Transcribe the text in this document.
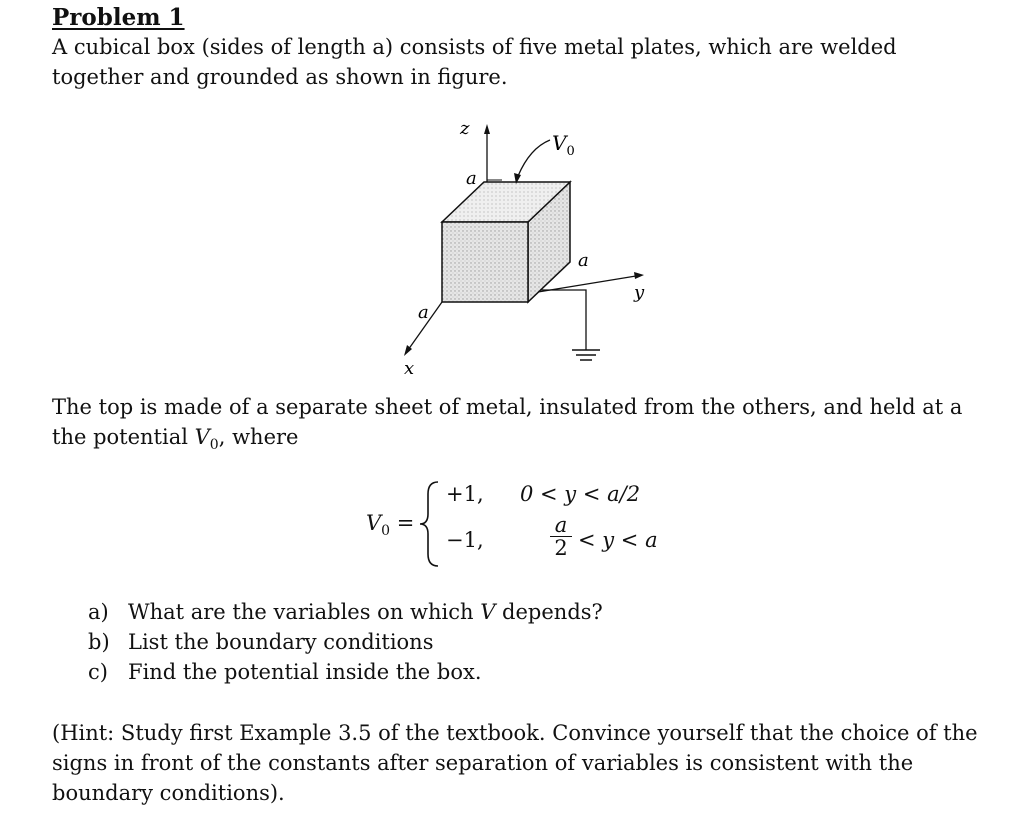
Problem 1

A cubical box (sides of length a) consists of five metal plates, which are welded together and grounded as shown in figure.

z
$V_0$
a
a
y
a
x

The top is made of a separate sheet of metal, insulated from the others, and held at a the potential $V_0$, where

$V_0$ =
+1, 0 < y < a/2
−1,
a
2 < y < a
a) What are the variables on which V depends?
b) List the boundary conditions
c) Find the potential inside the box.

(Hint: Study first Example 3.5 of the textbook. Convince yourself that the choice of the signs in front of the constants after separation of variables is consistent with the boundary conditions).
